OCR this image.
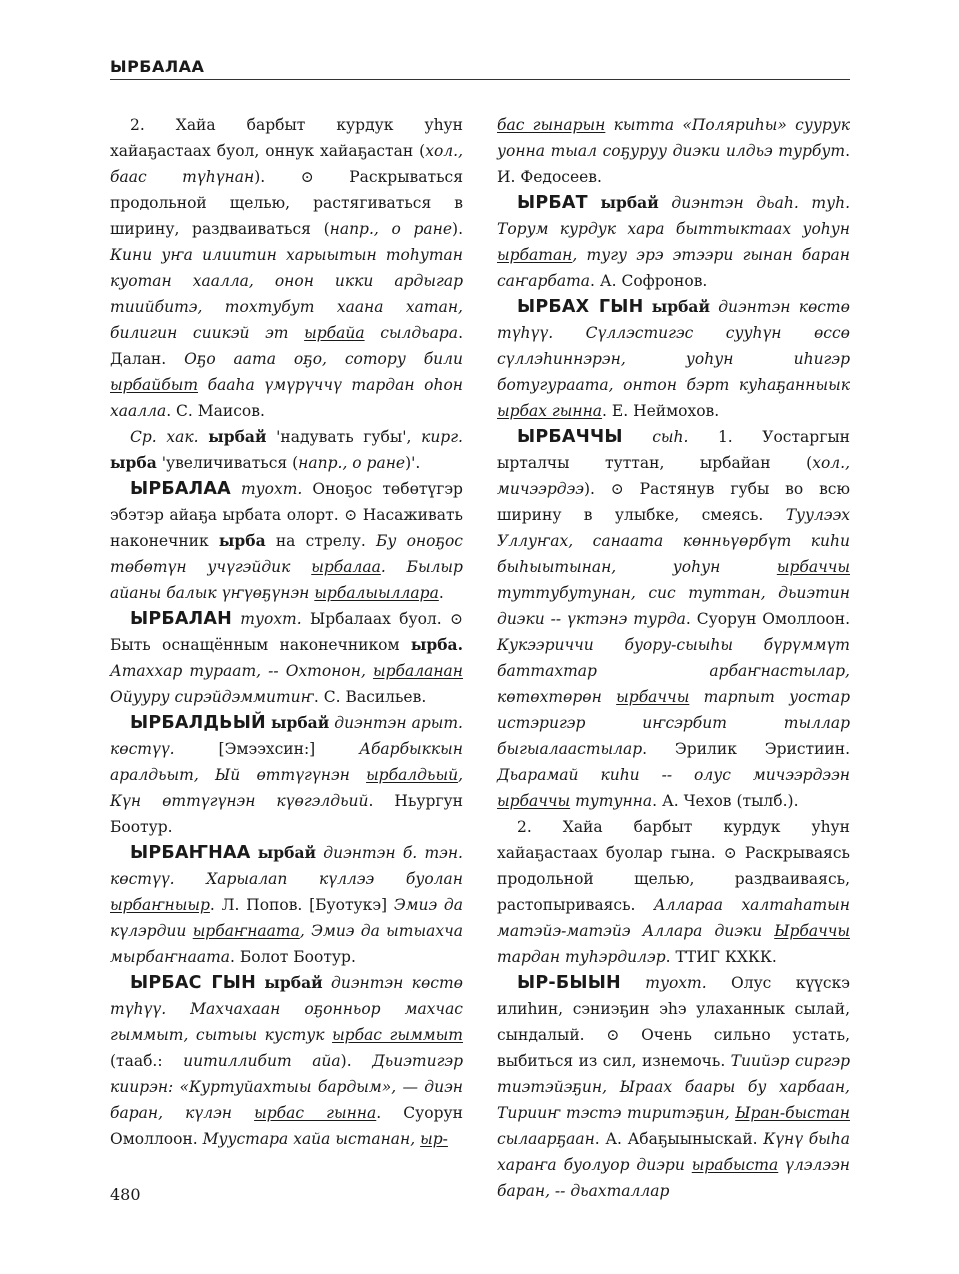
ЫРБАЛАА

2. Хайа барбыт курдук уһун хайаҕастаах буол, оннук хайаҕастан (хол., баас түһүнан). ⊙ Раскрываться продольной щелью, растягиваться в ширину, раздваиваться (напр., о ране). Кини уҥа илиитин харыытын тоһутан куотан хаалла, онон икки ардыгар тиийбитэ, тохтубут хаана хатан, билигин сиикэй эт ырбайа сылдьара. Далан. Оҕо аата оҕо, сотору били ырбайбыт бааһа үмүрүччү тардан оһон хаалла. С. Маисов.

Ср. хак. ырбай 'надувать губы', кирг. ырба 'увеличиваться (напр., о ране)'.

ЫРБАЛАА туохт. Оноҕос төбөтүгэр эбэтэр айаҕа ырбата олорт. ⊙ Насаживать наконечник ырба на стрелу. Бу оноҕос төбөтүн учүгэйдик ырбалаа. Былыр айаны балык үҥүөҕүнэн ырбалыыллара.

ЫРБАЛАН туохт. Ырбалаах буол. ⊙ Быть оснащённым наконечником ырба. Атаххар тураат, -- Охтонон, ырбаланан Ойууру сирэйдэммитиҥ. С. Васильев.

ЫРБАЛДЬЫЙ ырбай диэнтэн арыт. көстүү. [Эмээхсин:] Абарбыккын аралдьыт, Ый өттүгүнэн ырбалдьый, Күн өттүгүнэн күөгэлдьий. Ньургун Боотур.

ЫРБАҤНАА ырбай диэнтэн б. тэн. көстүү. Харыалап күллээ буолан ырбаҥныыр. Л. Попов. [Буотукэ] Эмиэ да күлэрдии ырбаҥнаата, Эмиэ да ытыахча мырбаҥнаата. Болот Боотур.

ЫРБАС ГЫН ырбай диэнтэн көстө түһүү. Махчахаан оҕонньор махчас гыммыт, сытыы кустук ырбас гыммыт (тааб.: иитиллибит айа). Дьиэтигэр киирэн: «Куртуйахтыы бардым», — диэн баран, күлэн ырбас гынна. Суорун Омоллоон. Муустара хайа ыстанан, ыр-

бас гынарын кытта «Поляриһы» суурук уонна тыал соҕуруу диэки илдьэ турбут. И. Федосеев.

ЫРБАТ ырбай диэнтэн дьаһ. туһ. Торум курдук хара быттыктаах уоһун ырбатан, тугу эрэ этээри гынан баран саҥарбата. А. Софронов.

ЫРБАХ ГЫН ырбай диэнтэн көстө түһүү. Сүллэстигэс сууһүн өссө сүллэһиннэрэн, уоһун иһигэр ботугураата, онтон бэрт куһаҕанныык ырбах гынна. Е. Неймохов.

ЫРБАЧЧЫ сыһ. 1. Уостаргын ырталчы туттан, ырбайан (хол., мичээрдээ). ⊙ Растянув губы во всю ширину в улыбке, смеясь. Туулээх Уллуҥах, санаата көнньүөрбүт киһи быһыытынан, уоһун ырбаччы туттубутунан, сис туттан, дьиэтин диэки -- үктэнэ турда. Суорун Омоллоон. Кукээриччи буору-сыыһы бүрүммүт баттахтар арбаҥнастылар, көтөхтөрөн ырбаччы тарпыт уостар истэригэр иҥсэрбит тыллар быгыалаастылар. Эрилик Эристиин. Дьарамай киһи -- олус мичээрдээн ырбаччы тутунна. А. Чехов (тылб.).

2. Хайа барбыт курдук уһун хайаҕастаах буолар гына. ⊙ Раскрываясь продольной щелью, раздваиваясь, растопыриваясь. Аллараа халтаһатын матэйэ-матэйэ Аллара диэки Ырбаччы тардан туһэрдилэр. ТТИГ КХКК.

ЫР-БЫЫН туохт. Олус күүскэ илиһин, сэниэҕин эһэ улаханнык сылай, сындалый. ⊙ Очень сильно устать, выбиться из сил, изнемочь. Тиийэр сиргэр тиэтэйэҕин, Ыраах баары бу харбаан, Тирииҥ тэстэ тиритэҕин, Ыран-быстан сылаарҕаан. А. Абаҕыыныскай. Күнү быһа хараҥа буолуор диэри ырабыста үлэлээн баран, -- дьахталлар

480
